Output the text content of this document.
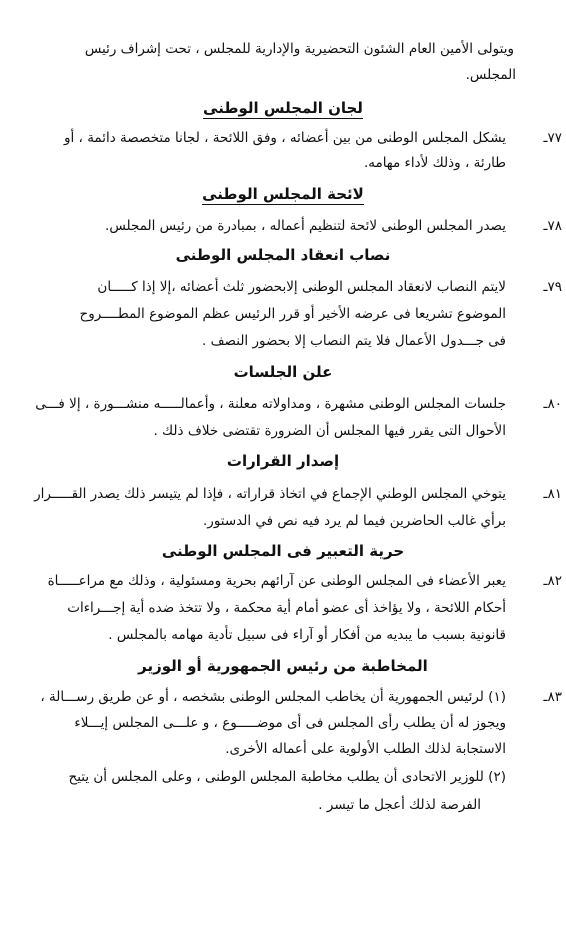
ويتولى الأمين العام الشئون التحضيرية والإدارية للمجلس ، تحت إشراف رئيس
المجلس.
لجان المجلس الوطنى
٧٧ـ
يشكل المجلس الوطنى من بين أعضائه ، وفق اللائحة ، لجانا متخصصة دائمة ، أو
طارئة ، وذلك لأداء مهامه.
لائحة المجلس الوطنى
٧٨ـ
يصدر المجلس الوطنى لائحة لتنظيم أعماله ، بمبادرة من رئيس المجلس.
نصاب انعقاد المجلس الوطنى
٧٩ـ
لايتم النصاب لانعقاد المجلس الوطنى إلابحضور ثلث أعضائه ،إلا إذا كـــــان
الموضوع تشريعا فى عرضه الأخير أو قرر الرئيس عظم الموضوع المطــــروح
فى جـــدول الأعمال فلا يتم النصاب إلا بحضور النصف .
علن الجلسات
٨٠ـ
جلسات المجلس الوطنى مشهرة ، ومداولاته معلنة ، وأعمالـــــه منشـــورة ، إلا فـــى
الأحوال التى يقرر فيها المجلس أن الضرورة تقتضى خلاف ذلك .
إصدار القرارات
٨١ـ
يتوخي المجلس الوطني الإجماع في اتخاذ قراراته ، فإذا لم يتيسر ذلك يصدر القـــــرار
برأي غالب الحاضرين فيما لم يرد فيه نص في الدستور.
حرية التعبير فى المجلس الوطنى
٨٢ـ
يعبر الأعضاء فى المجلس الوطنى عن آرائهم بحرية ومسئولية ، وذلك مع مراعـــــاة
أحكام اللائحة ، ولا يؤاخذ أى عضو أمام أية محكمة ، ولا تتخذ ضده أية إجـــراءات
قانونية بسبب ما يبديه من أفكار أو آراء فى سبيل تأدية مهامه بالمجلس .
المخاطبة من رئيس الجمهورية أو الوزير
٨٣ـ
(١) لرئيس الجمهورية أن يخاطب المجلس الوطنى بشخصه ، أو عن طريق رســـالة ،
ويجوز له أن يطلب رأى المجلس فى أى موضـــــوع ، و علـــى المجلس إيـــلاء
الاستجابة لذلك الطلب الأولوية على أعماله الأخرى.
(٢) للوزير الاتحادى أن يطلب مخاطبة المجلس الوطنى ، وعلى المجلس أن يتيح
الفرصة لذلك أعجل ما تيسر .
